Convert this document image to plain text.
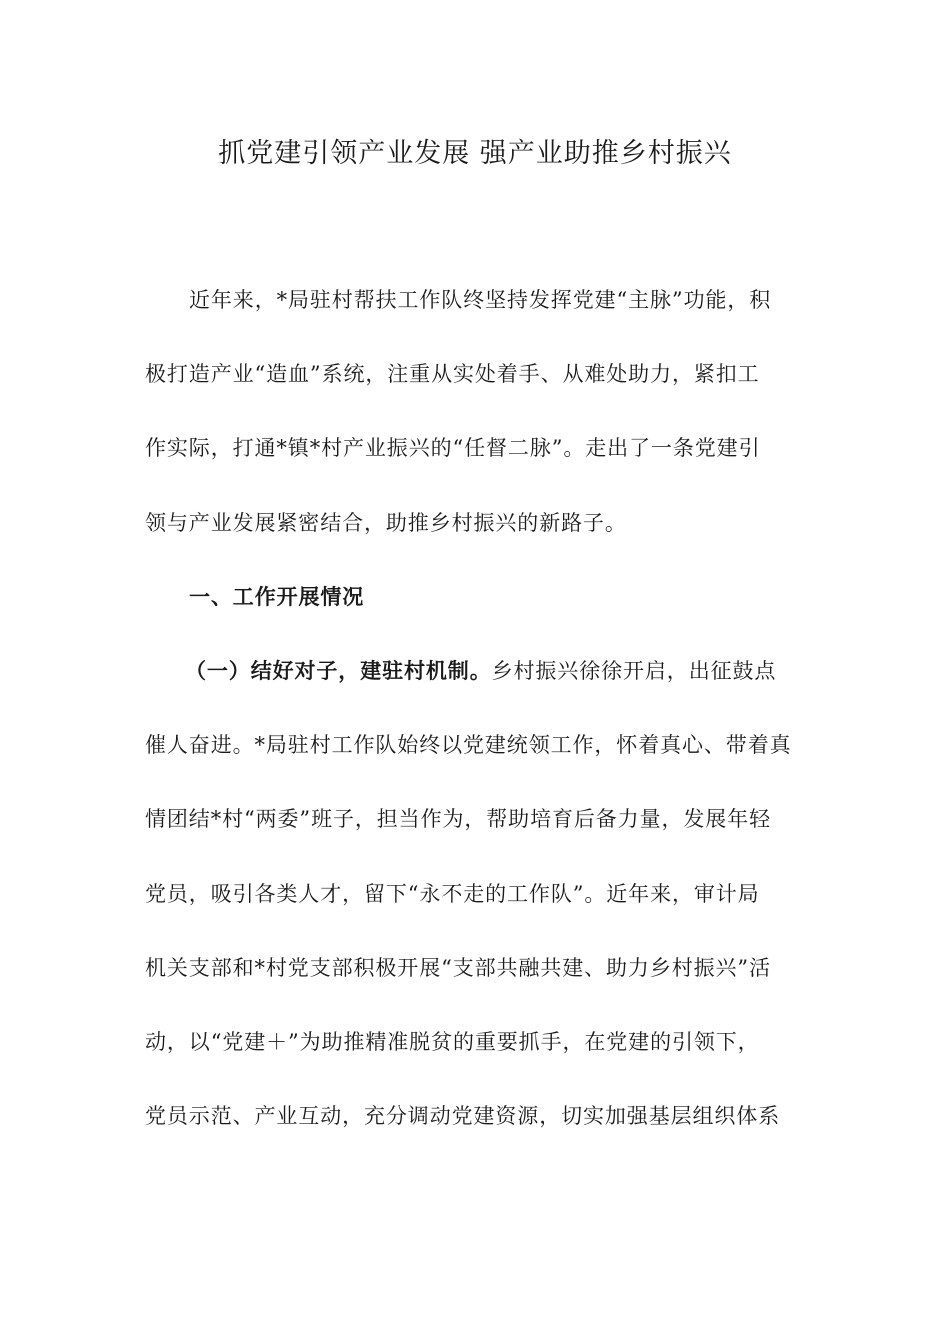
抓党建引领产业发展 强产业助推乡村振兴
近年来，*局驻村帮扶工作队终坚持发挥党建“主脉”功能，积
极打造产业“造血”系统，注重从实处着手、从难处助力，紧扣工
作实际，打通*镇*村产业振兴的“任督二脉”。走出了一条党建引
领与产业发展紧密结合，助推乡村振兴的新路子。
一、工作开展情况
（一）结好对子，建驻村机制。乡村振兴徐徐开启，出征鼓点
催人奋进。*局驻村工作队始终以党建统领工作，怀着真心、带着真
情团结*村“两委”班子，担当作为，帮助培育后备力量，发展年轻
党员，吸引各类人才，留下“永不走的工作队”。近年来，审计局
机关支部和*村党支部积极开展“支部共融共建、助力乡村振兴”活
动，以“党建＋”为助推精准脱贫的重要抓手，在党建的引领下，
党员示范、产业互动，充分调动党建资源，切实加强基层组织体系
